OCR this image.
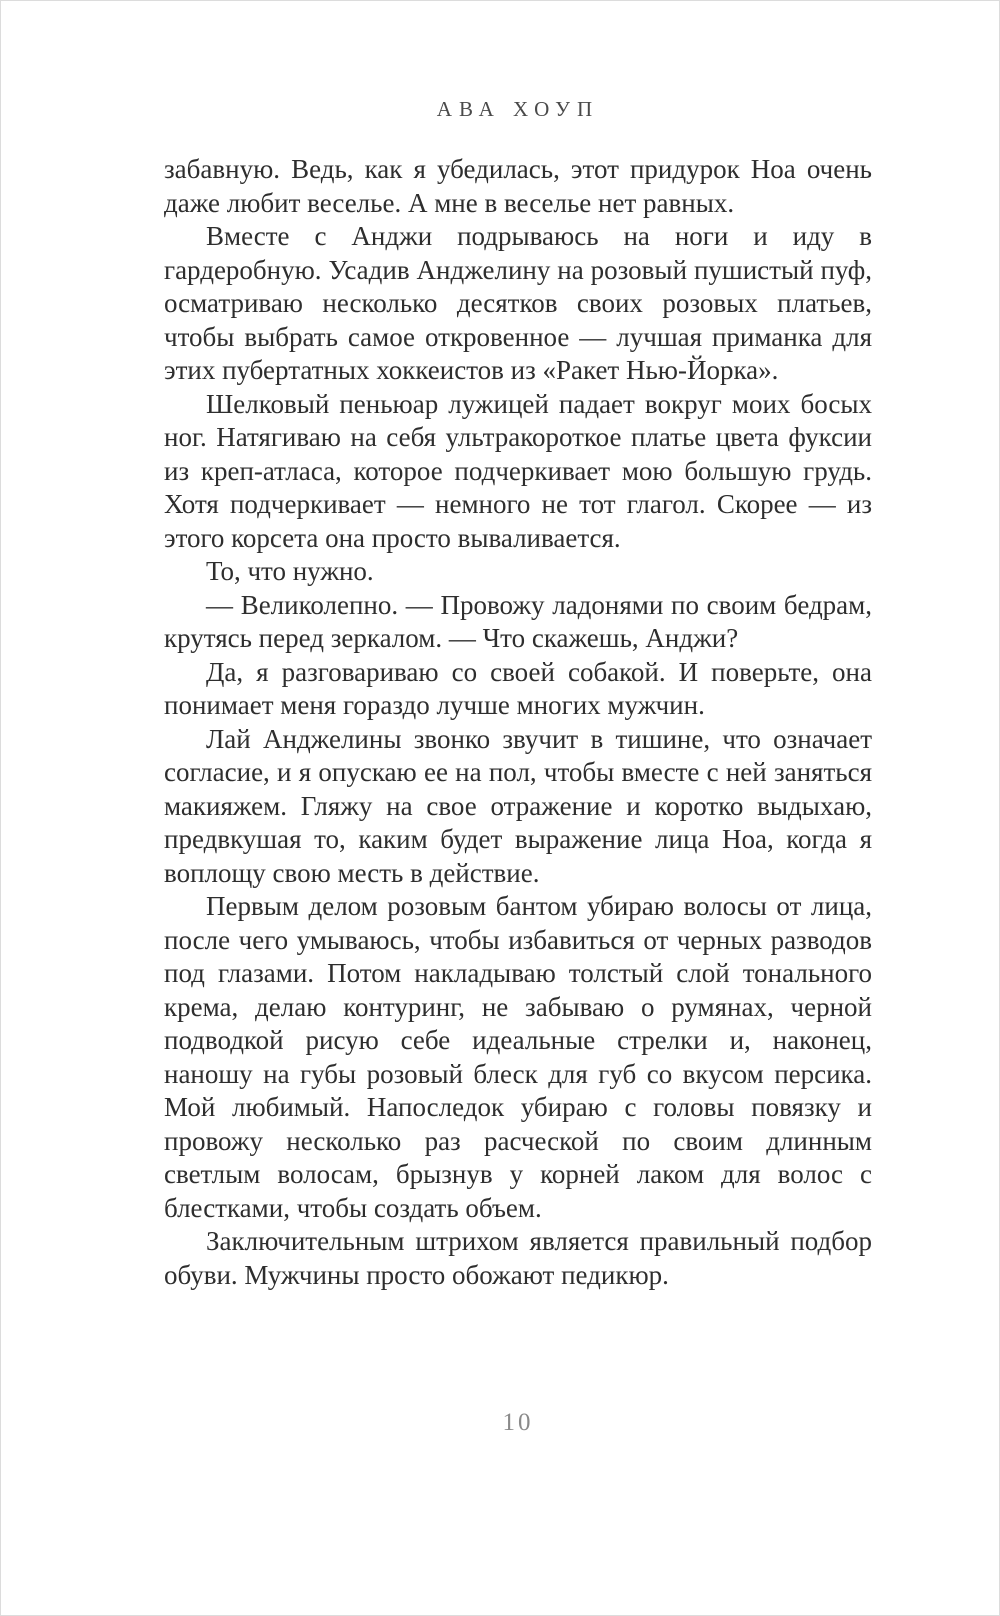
АВА ХОУП

забавную. Ведь, как я убедилась, этот придурок Ноа очень даже любит веселье. А мне в веселье нет равных.

Вместе с Анджи подрываюсь на ноги и иду в гардеробную. Усадив Анджелину на розовый пушистый пуф, осматриваю несколько десятков своих розовых платьев, чтобы выбрать самое откровенное — лучшая приманка для этих пубертатных хоккеистов из «Ракет Нью-Йорка».

Шелковый пеньюар лужицей падает вокруг моих босых ног. Натягиваю на себя ультракороткое платье цвета фуксии из креп-атласа, которое подчеркивает мою большую грудь. Хотя подчеркивает — немного не тот глагол. Скорее — из этого корсета она просто вываливается.

То, что нужно.

— Великолепно. — Провожу ладонями по своим бедрам, крутясь перед зеркалом. — Что скажешь, Анджи?

Да, я разговариваю со своей собакой. И поверьте, она понимает меня гораздо лучше многих мужчин.

Лай Анджелины звонко звучит в тишине, что означает согласие, и я опускаю ее на пол, чтобы вместе с ней заняться макияжем. Гляжу на свое отражение и коротко выдыхаю, предвкушая то, каким будет выражение лица Ноа, когда я воплощу свою месть в действие.

Первым делом розовым бантом убираю волосы от лица, после чего умываюсь, чтобы избавиться от черных разводов под глазами. Потом накладываю толстый слой тонального крема, делаю контуринг, не забываю о румянах, черной подводкой рисую себе идеальные стрелки и, наконец, наношу на губы розовый блеск для губ со вкусом персика. Мой любимый. Напоследок убираю с головы повязку и провожу несколько раз расческой по своим длинным светлым волосам, брызнув у корней лаком для волос с блестками, чтобы создать объем.

Заключительным штрихом является правильный подбор обуви. Мужчины просто обожают педикюр.

10
